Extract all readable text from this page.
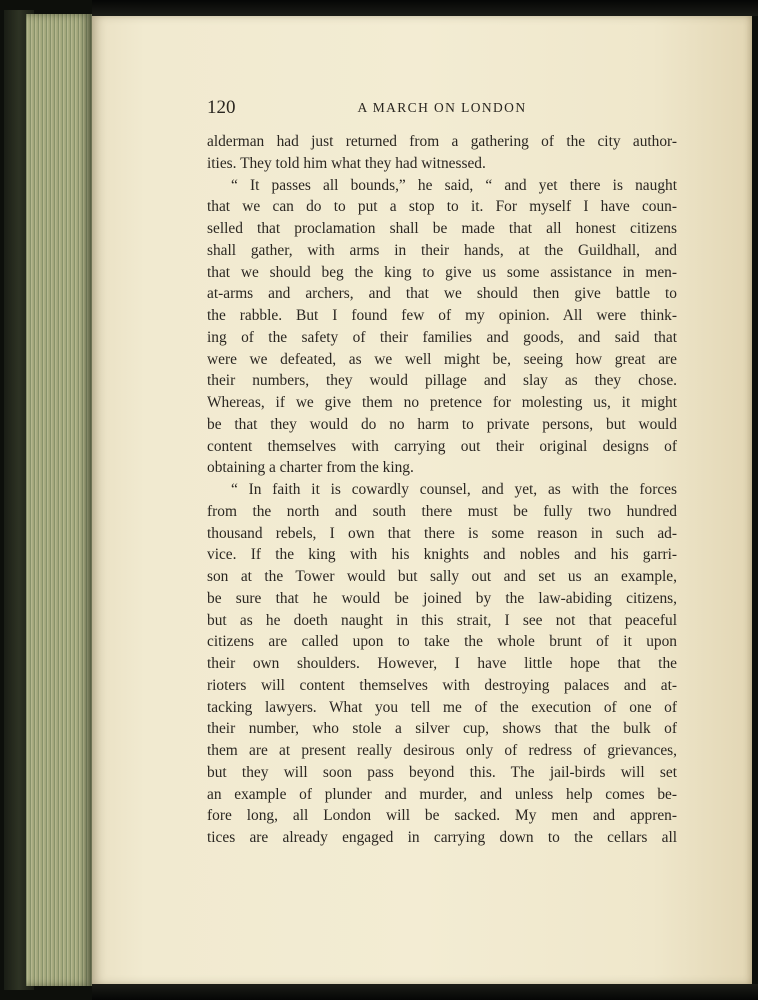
120	A MARCH ON LONDON
alderman had just returned from a gathering of the city author-
ities. They told him what they had witnessed.
“ It passes all bounds,” he said, “ and yet there is naught
that we can do to put a stop to it. For myself I have coun-
selled that proclamation shall be made that all honest citizens
shall gather, with arms in their hands, at the Guildhall, and
that we should beg the king to give us some assistance in men-
at-arms and archers, and that we should then give battle to
the rabble. But I found few of my opinion. All were think-
ing of the safety of their families and goods, and said that
were we defeated, as we well might be, seeing how great are
their numbers, they would pillage and slay as they chose.
Whereas, if we give them no pretence for molesting us, it might
be that they would do no harm to private persons, but would
content themselves with carrying out their original designs of
obtaining a charter from the king.
“ In faith it is cowardly counsel, and yet, as with the forces
from the north and south there must be fully two hundred
thousand rebels, I own that there is some reason in such ad-
vice. If the king with his knights and nobles and his garri-
son at the Tower would but sally out and set us an example,
be sure that he would be joined by the law-abiding citizens,
but as he doeth naught in this strait, I see not that peaceful
citizens are called upon to take the whole brunt of it upon
their own shoulders. However, I have little hope that the
rioters will content themselves with destroying palaces and at-
tacking lawyers. What you tell me of the execution of one of
their number, who stole a silver cup, shows that the bulk of
them are at present really desirous only of redress of grievances,
but they will soon pass beyond this. The jail-birds will set
an example of plunder and murder, and unless help comes be-
fore long, all London will be sacked. My men and appren-
tices are already engaged in carrying down to the cellars all
